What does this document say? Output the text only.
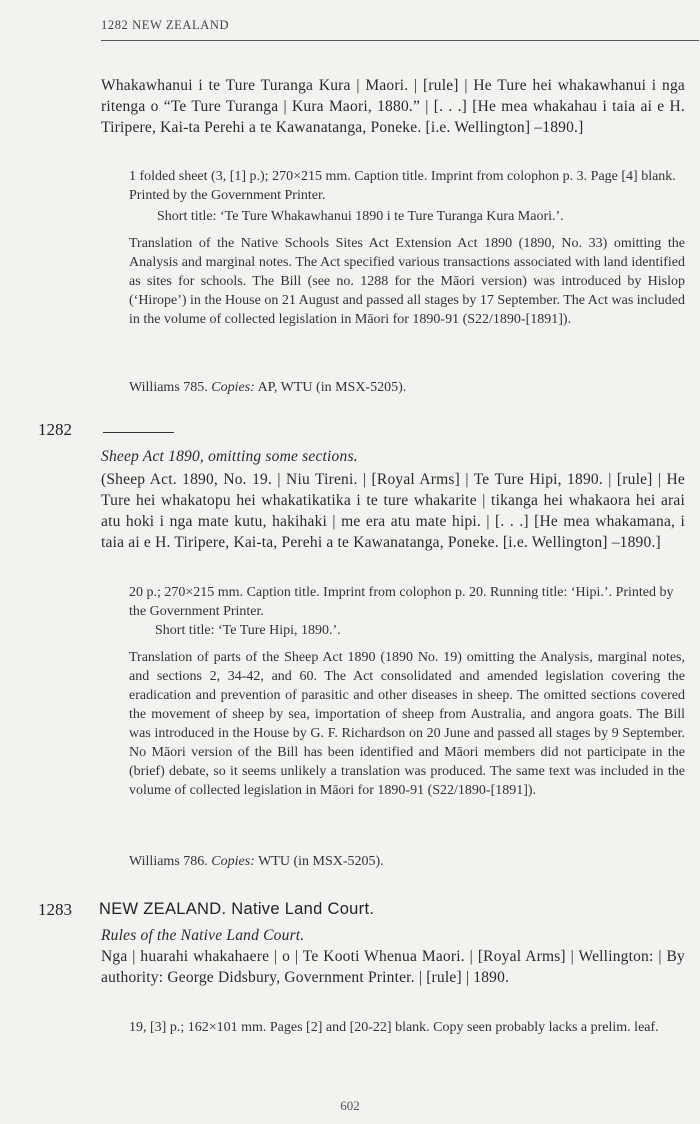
1282 NEW ZEALAND

Whakawhanui i te Ture Turanga Kura | Maori. | [rule] | He Ture hei whakawhanui i nga ritenga o “Te Ture Turanga | Kura Maori, 1880.” | [. . .] [He mea whakahau i taia ai e H. Tiripere, Kai-ta Perehi a te Kawanatanga, Poneke. [i.e. Wellington] –1890.]

1 folded sheet (3, [1] p.); 270×215 mm. Caption title. Imprint from colophon p. 3. Page [4] blank. Printed by the Government Printer.

Short title: ‘Te Ture Whakawhanui 1890 i te Ture Turanga Kura Maori.’.

Translation of the Native Schools Sites Act Extension Act 1890 (1890, No. 33) omitting the Analysis and marginal notes. The Act specified various transactions associated with land identified as sites for schools. The Bill (see no. 1288 for the Māori version) was introduced by Hislop (‘Hirope’) in the House on 21 August and passed all stages by 17 September. The Act was included in the volume of collected legislation in Māori for 1890-91 (S22/1890-[1891]).

Williams 785. Copies: AP, WTU (in MSX-5205).

1282

Sheep Act 1890, omitting some sections.

(Sheep Act. 1890, No. 19. | Niu Tireni. | [Royal Arms] | Te Ture Hipi, 1890. | [rule] | He Ture hei whakatopu hei whakatikatika i te ture whakarite | tikanga hei whakaora hei arai atu hoki i nga mate kutu, hakihaki | me era atu mate hipi. | [. . .] [He mea whakamana, i taia ai e H. Tiripere, Kai-ta, Perehi a te Kawanatanga, Poneke. [i.e. Wellington] –1890.]

20 p.; 270×215 mm. Caption title. Imprint from colophon p. 20. Running title: ‘Hipi.’. Printed by the Government Printer.

Short title: ‘Te Ture Hipi, 1890.’.

Translation of parts of the Sheep Act 1890 (1890 No. 19) omitting the Analysis, marginal notes, and sections 2, 34-42, and 60. The Act consolidated and amended legislation covering the eradication and prevention of parasitic and other diseases in sheep. The omitted sections covered the movement of sheep by sea, importation of sheep from Australia, and angora goats. The Bill was introduced in the House by G. F. Richardson on 20 June and passed all stages by 9 September. No Māori version of the Bill has been identified and Māori members did not participate in the (brief) debate, so it seems unlikely a translation was produced. The same text was included in the volume of collected legislation in Māori for 1890-91 (S22/1890-[1891]).

Williams 786. Copies: WTU (in MSX-5205).

1283 NEW ZEALAND. Native Land Court.

Rules of the Native Land Court.

Nga | huarahi whakahaere | o | Te Kooti Whenua Maori. | [Royal Arms] | Wellington: | By authority: George Didsbury, Government Printer. | [rule] | 1890.

19, [3] p.; 162×101 mm. Pages [2] and [20-22] blank. Copy seen probably lacks a prelim. leaf.

602
